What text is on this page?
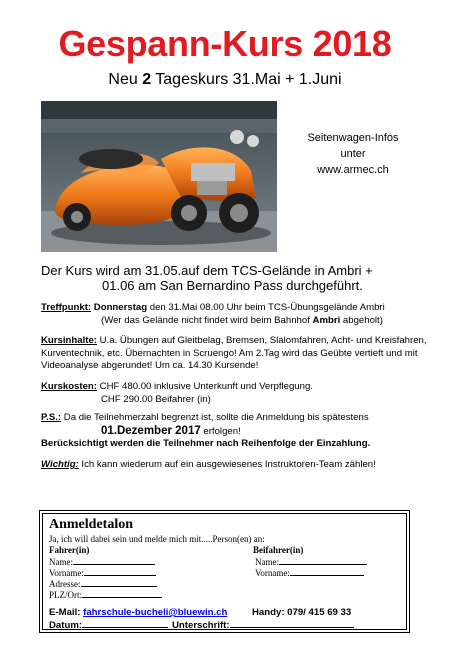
Gespann-Kurs 2018
Neu 2 Tageskurs 31.Mai + 1.Juni
Seitenwagen-Infos
unter
www.armec.ch
Der Kurs wird am 31.05.auf dem TCS-Gelände in Ambri +
01.06 am San Bernardino Pass durchgeführt.
Treffpunkt: Donnerstag den 31.Mai 08.00 Uhr beim TCS-Übungsgelände Ambri
(Wer das Gelände nicht findet wird beim Bahnhof Ambri abgeholt)
Kursinhalte: U.a. Übungen auf Gleitbelag, Bremsen, Slalomfahren, Acht- und Kreisfahren, Kurventechnik, etc. Übernachten in Scruengo! Am 2.Tag wird das Geübte vertieft und mit Videoanalyse abgerundet! Um ca. 14.30 Kursende!
Kurskosten: CHF 480.00 inklusive Unterkunft und Verpflegung.
CHF 290.00 Beifahrer (in)
P.S.: Da die Teilnehmerzahl begrenzt ist, sollte die Anmeldung bis spätestens
01.Dezember 2017 erfolgen!
Berücksichtigt werden die Teilnehmer nach Reihenfolge der Einzahlung.
Wichtig: Ich kann wiederum auf ein ausgewiesenes Instruktoren-Team zählen!
Anmeldetalon
Ja, ich will dabei sein und melde mich mit.....Person(en) an:
Fahrer(in)	Beifahrer(in)
Name:	Name:
Vorname:	Vorname:
Adresse:
PLZ/Ort:
E-Mail: fahrschule-bucheli@bluewin.ch	Handy: 079/ 415 69 33
Datum:	Unterschrift:
